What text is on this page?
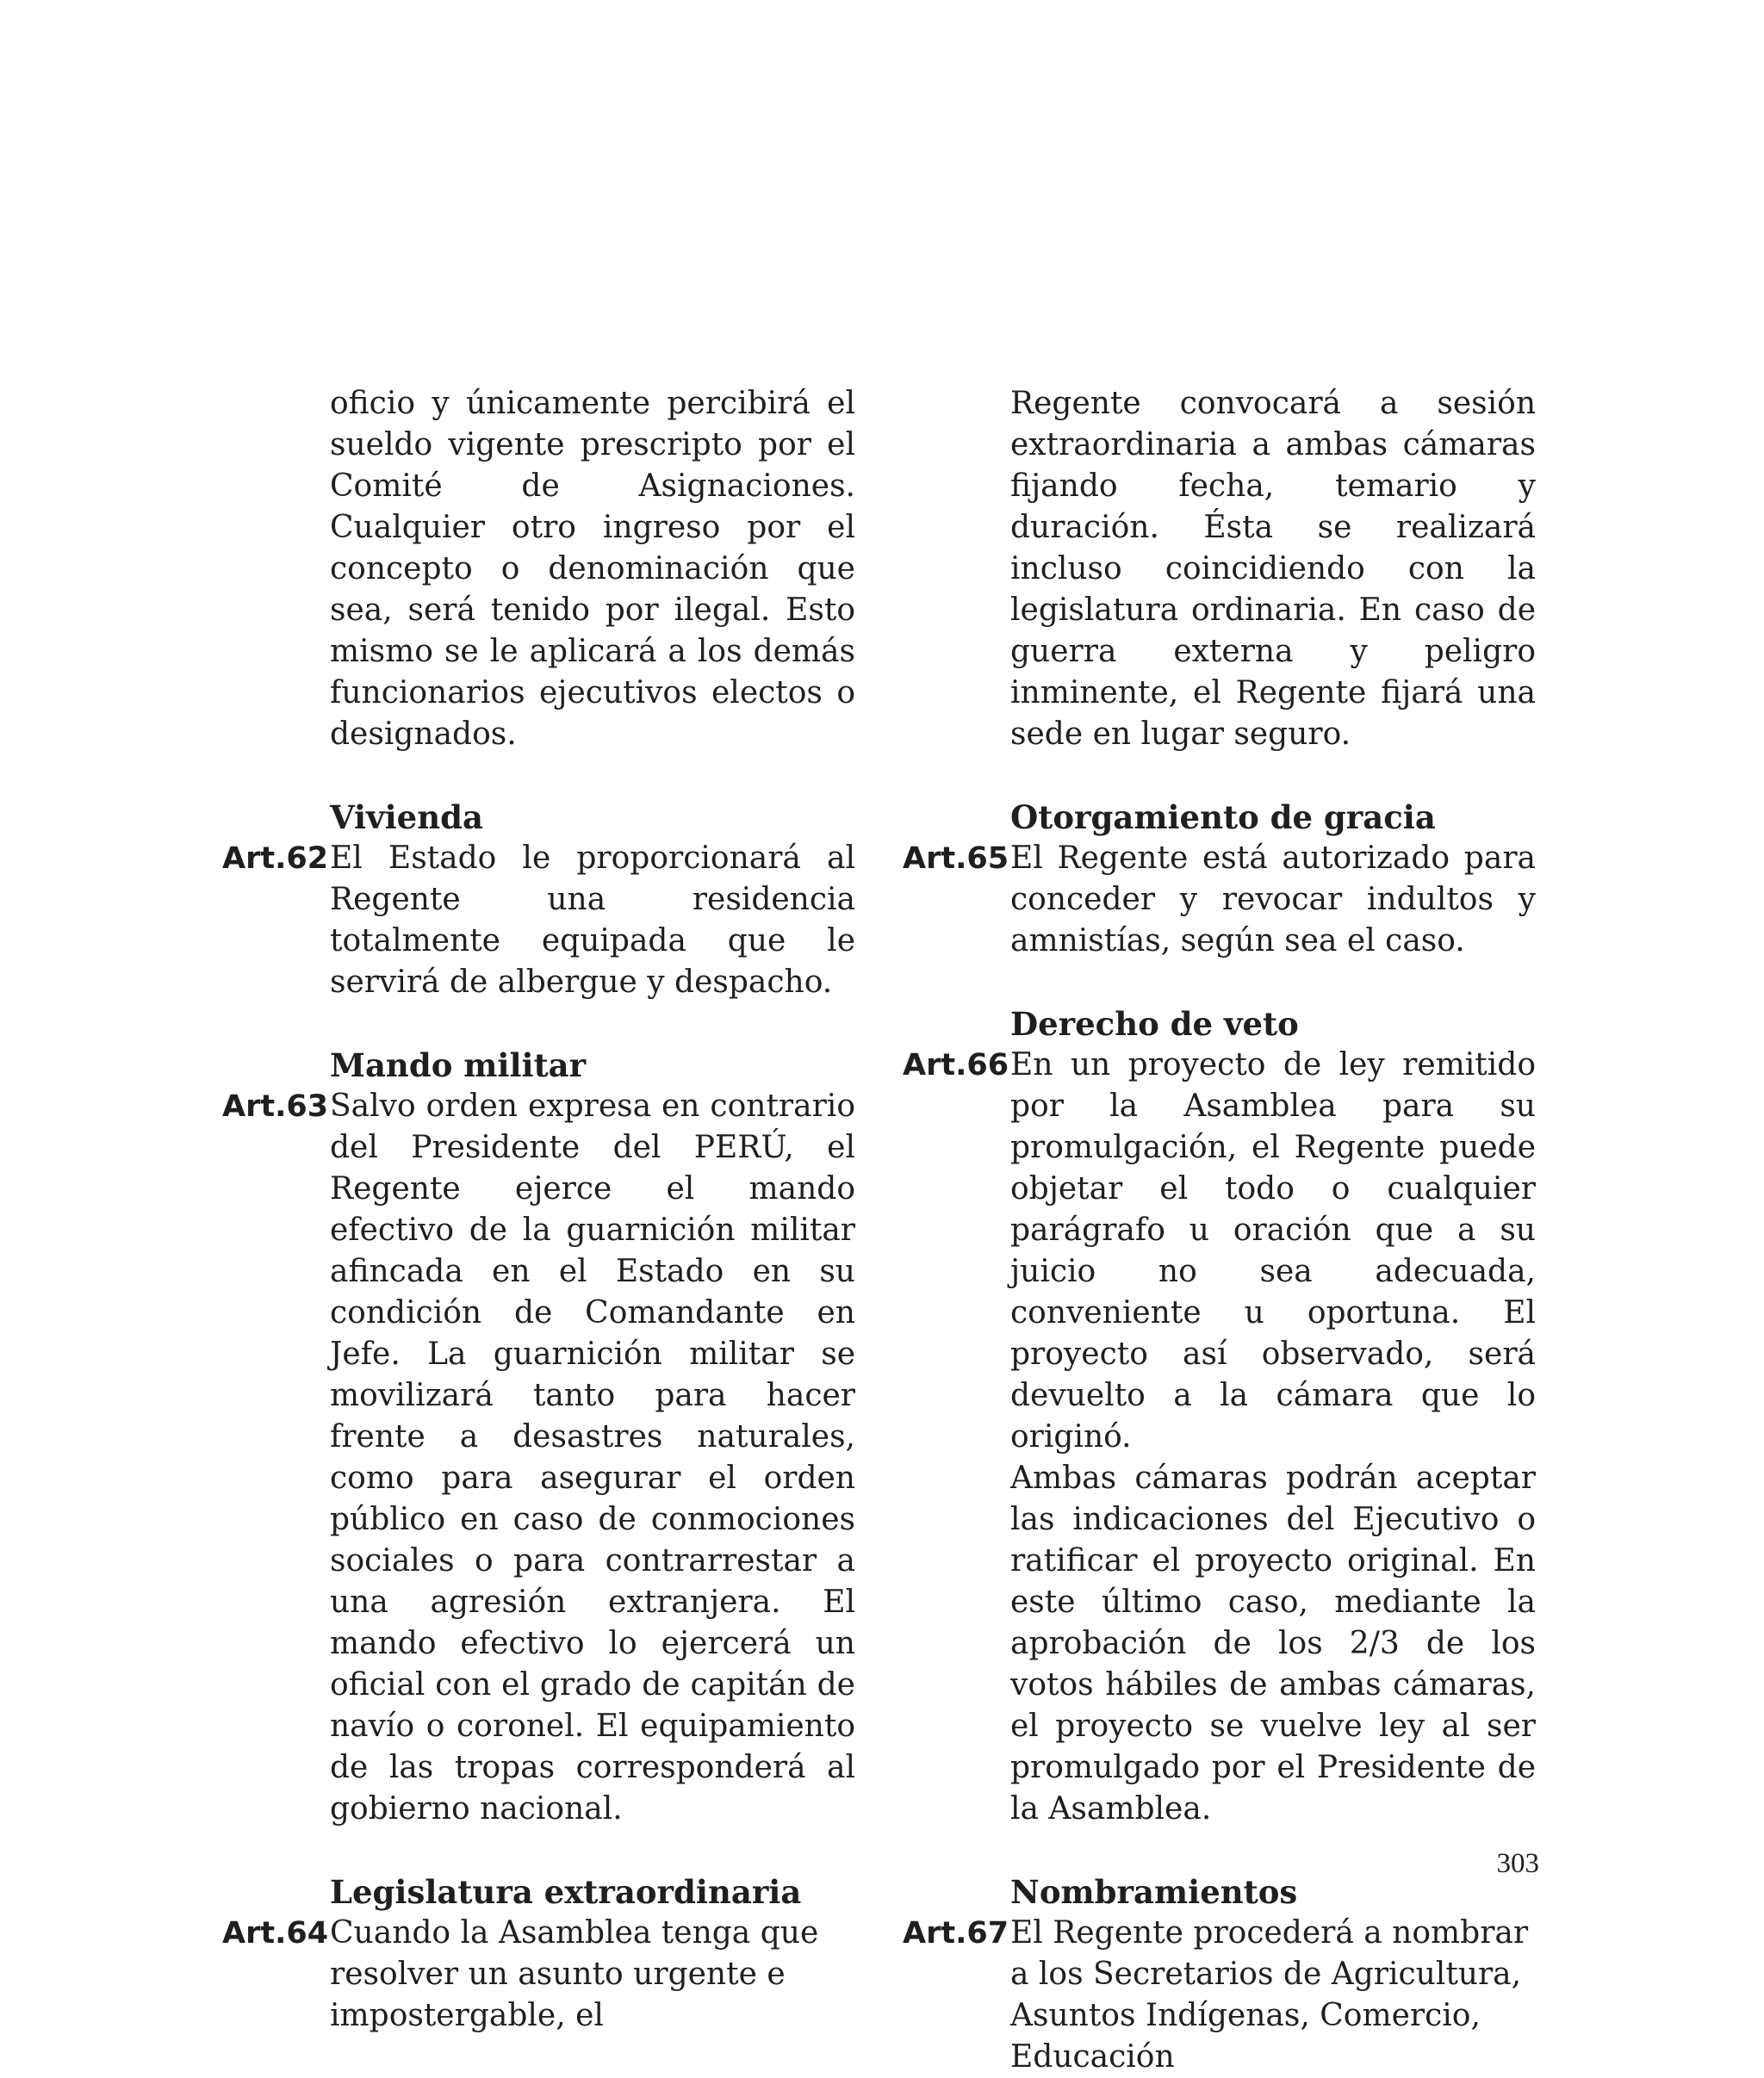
oficio y únicamente percibirá el sueldo vigente prescripto por el Comité de Asignaciones. Cualquier otro ingreso por el concepto o denominación que sea, será tenido por ilegal. Esto mismo se le aplicará a los demás funcionarios ejecutivos electos o designados.

Vivienda

Art.62 El Estado le proporcionará al Regente una residencia totalmente equipada que le servirá de albergue y despacho.

Mando militar

Art.63 Salvo orden expresa en contrario del Presidente del PERÚ, el Regente ejerce el mando efectivo de la guarnición militar afincada en el Estado en su condición de Comandante en Jefe. La guarnición militar se movilizará tanto para hacer frente a desastres naturales, como para asegurar el orden público en caso de conmociones sociales o para contrarrestar a una agresión extranjera. El mando efectivo lo ejercerá un oficial con el grado de capitán de navío o coronel. El equipamiento de las tropas corresponderá al gobierno nacional.

Legislatura extraordinaria

Art.64 Cuando la Asamblea tenga que resolver un asunto urgente e impostergable, el

Regente convocará a sesión extraordinaria a ambas cámaras fijando fecha, temario y duración. Ésta se realizará incluso coincidiendo con la legislatura ordinaria. En caso de guerra externa y peligro inminente, el Regente fijará una sede en lugar seguro.

Otorgamiento de gracia

Art.65 El Regente está autorizado para conceder y revocar indultos y amnistías, según sea el caso.

Derecho de veto

Art.66 En un proyecto de ley remitido por la Asamblea para su promulgación, el Regente puede objetar el todo o cualquier parágrafo u oración que a su juicio no sea adecuada, conveniente u oportuna. El proyecto así observado, será devuelto a la cámara que lo originó.

Ambas cámaras podrán aceptar las indicaciones del Ejecutivo o ratificar el proyecto original. En este último caso, mediante la aprobación de los 2/3 de los votos hábiles de ambas cámaras, el proyecto se vuelve ley al ser promulgado por el Presidente de la Asamblea.

Nombramientos

Art.67 El Regente procederá a nombrar a los Secretarios de Agricultura, Asuntos Indígenas, Comercio, Educación

303
